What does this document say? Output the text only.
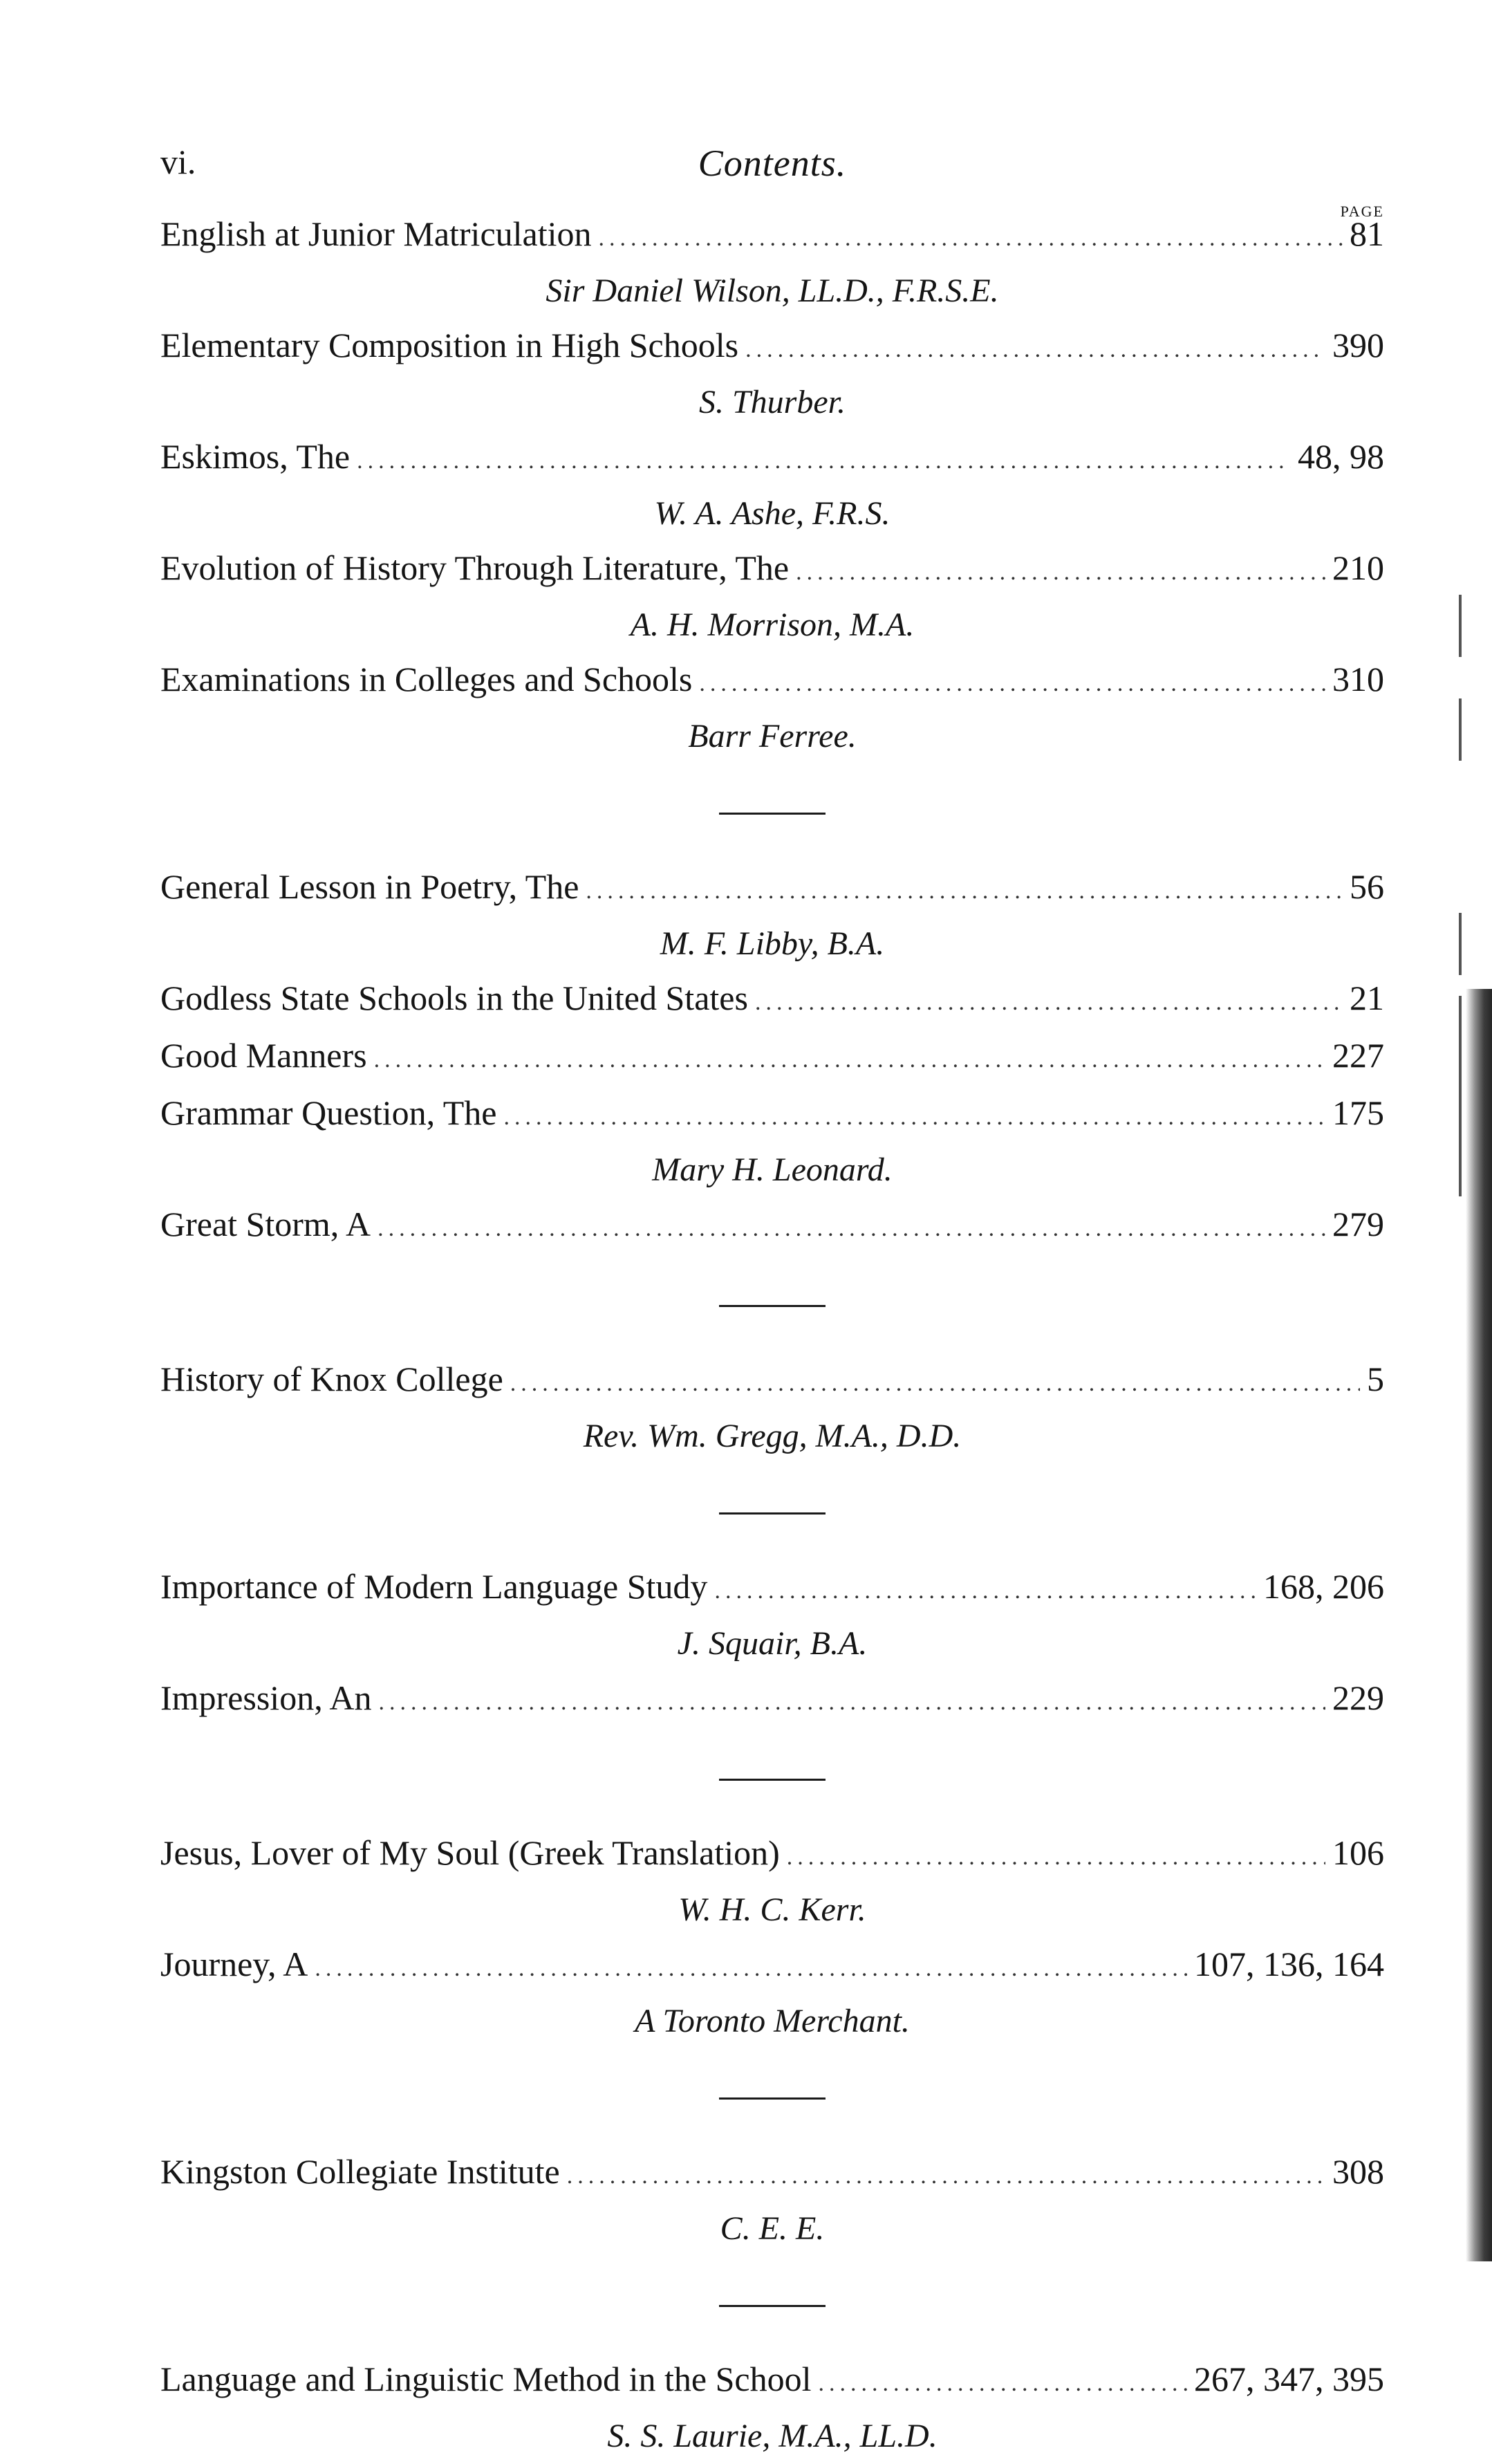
vi.	Contents.
PAGE
English at Junior Matriculation .....	81
Sir Daniel Wilson, LL.D., F.R.S.E.
Elementary Composition in High Schools .....	390
S. Thurber.
Eskimos, The .....	48, 98
W. A. Ashe, F.R.S.
Evolution of History Through Literature, The .....	210
A. H. Morrison, M.A.
Examinations in Colleges and Schools .....	310
Barr Ferree.
General Lesson in Poetry, The .....	56
M. F. Libby, B.A.
Godless State Schools in the United States .....	21
Good Manners .....	227
Grammar Question, The .....	175
Mary H. Leonard.
Great Storm, A .....	279
History of Knox College .....	5
Rev. Wm. Gregg, M.A., D.D.
Importance of Modern Language Study .....	168, 206
J. Squair, B.A.
Impression, An .....	229
Jesus, Lover of My Soul (Greek Translation) .....	106
W. H. C. Kerr.
Journey, A .....	107, 136, 164
A Toronto Merchant.
Kingston Collegiate Institute .....	308
C. E. E.
Language and Linguistic Method in the School .....	267, 347, 395
S. S. Laurie, M.A., LL.D.
